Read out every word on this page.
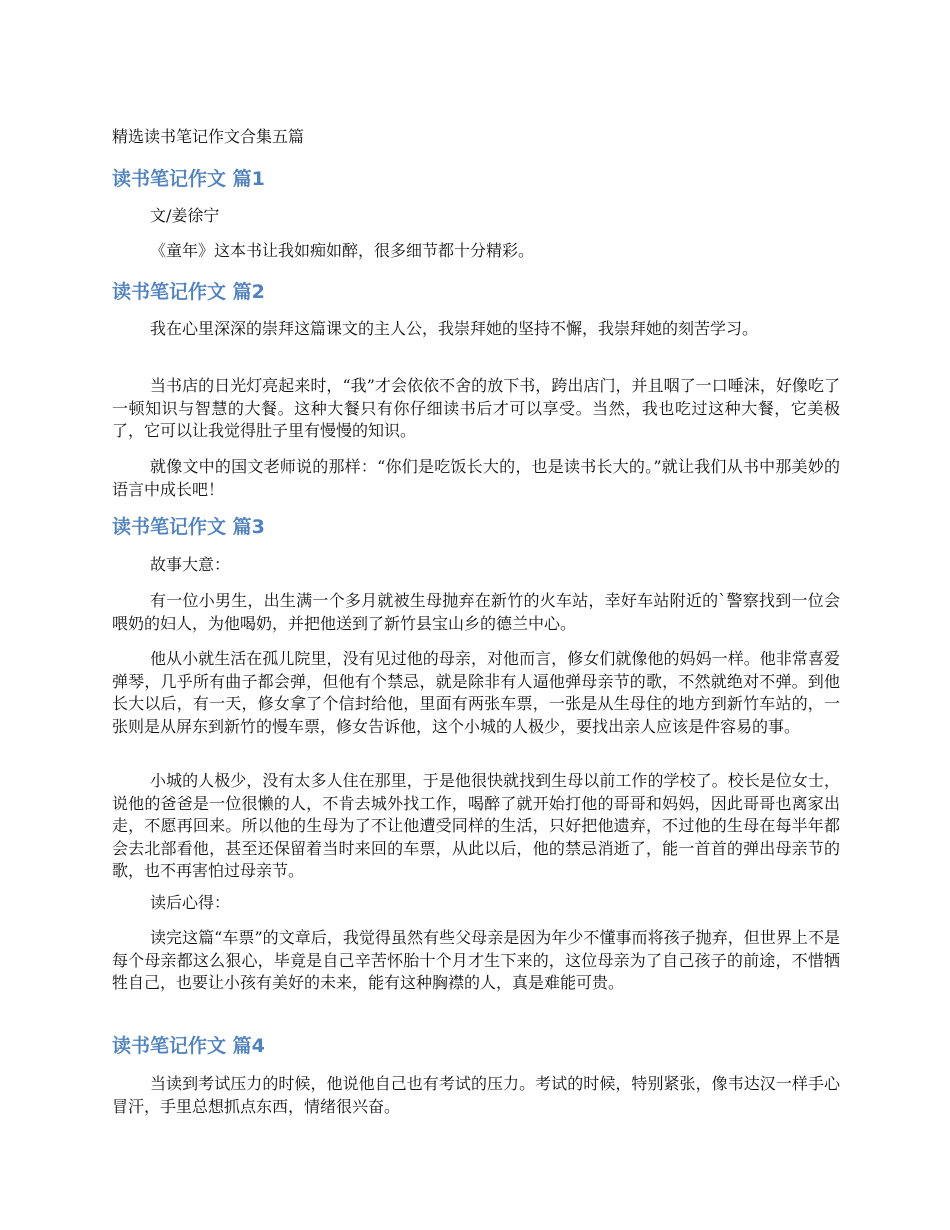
精选读书笔记作文合集五篇
读书笔记作文 篇1
文/姜徐宁
《童年》这本书让我如痴如醉，很多细节都十分精彩。
读书笔记作文 篇2
我在心里深深的崇拜这篇课文的主人公，我崇拜她的坚持不懈，我崇拜她的刻苦学习。
当书店的日光灯亮起来时，“我”才会依依不舍的放下书，跨出店门，并且咽了一口唾沫，好像吃了一顿知识与智慧的大餐。这种大餐只有你仔细读书后才可以享受。当然，我也吃过这种大餐，它美极了，它可以让我觉得肚子里有慢慢的知识。
就像文中的国文老师说的那样：“你们是吃饭长大的，也是读书长大的。”就让我们从书中那美妙的语言中成长吧！
读书笔记作文 篇3
故事大意：
有一位小男生，出生满一个多月就被生母抛弃在新竹的火车站，幸好车站附近的`警察找到一位会喂奶的妇人，为他喝奶，并把他送到了新竹县宝山乡的德兰中心。
他从小就生活在孤儿院里，没有见过他的母亲，对他而言，修女们就像他的妈妈一样。他非常喜爱弹琴，几乎所有曲子都会弹，但他有个禁忌，就是除非有人逼他弹母亲节的歌，不然就绝对不弹。到他长大以后，有一天，修女拿了个信封给他，里面有两张车票，一张是从生母住的地方到新竹车站的，一张则是从屏东到新竹的慢车票，修女告诉他，这个小城的人极少，要找出亲人应该是件容易的事。
小城的人极少，没有太多人住在那里，于是他很快就找到生母以前工作的学校了。校长是位女士，说他的爸爸是一位很懒的人，不肯去城外找工作，喝醉了就开始打他的哥哥和妈妈，因此哥哥也离家出走，不愿再回来。所以他的生母为了不让他遭受同样的生活，只好把他遗弃，不过他的生母在每半年都会去北部看他，甚至还保留着当时来回的车票，从此以后，他的禁忌消逝了，能一首首的弹出母亲节的歌，也不再害怕过母亲节。
读后心得：
读完这篇“车票”的文章后，我觉得虽然有些父母亲是因为年少不懂事而将孩子抛弃，但世界上不是每个母亲都这么狠心，毕竟是自己辛苦怀胎十个月才生下来的，这位母亲为了自己孩子的前途，不惜牺牲自己，也要让小孩有美好的未来，能有这种胸襟的人，真是难能可贵。
读书笔记作文 篇4
当读到考试压力的时候，他说他自己也有考试的压力。考试的时候，特别紧张，像韦达汉一样手心冒汗，手里总想抓点东西，情绪很兴奋。
